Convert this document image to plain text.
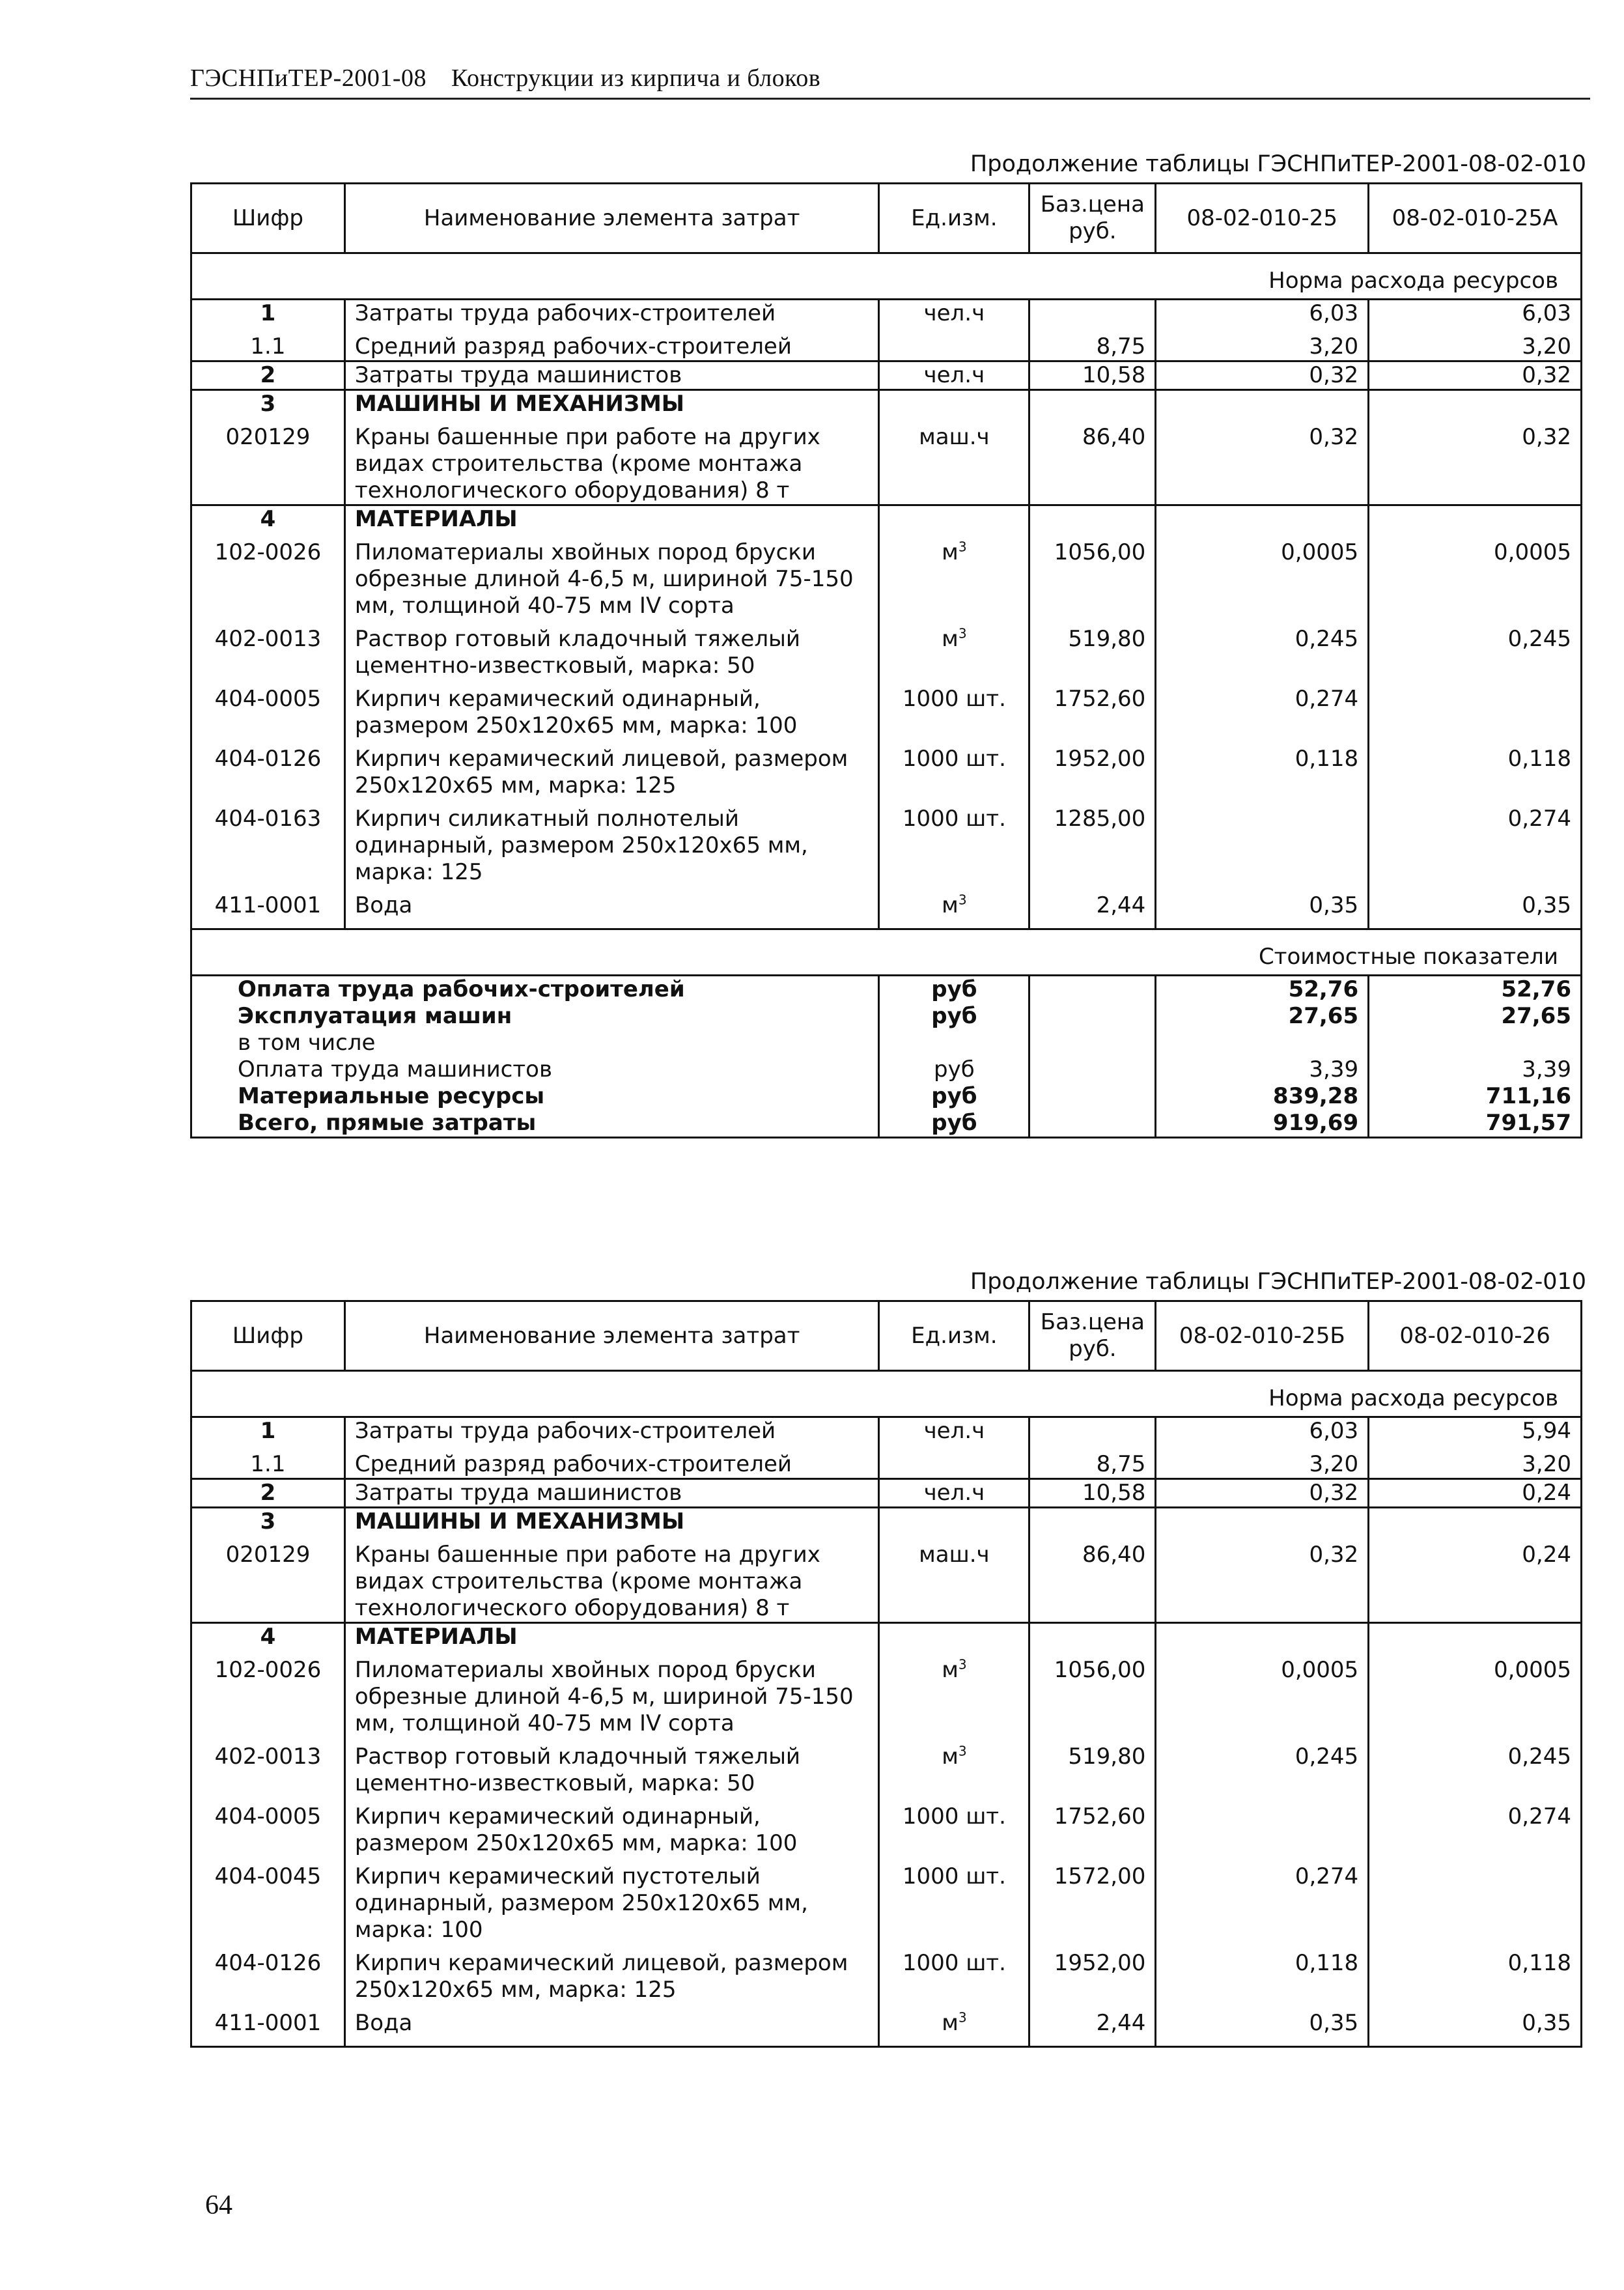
ГЭСНПиТЕР-2001-08 Конструкции из кирпича и блоков
Продолжение таблицы ГЭСНПиТЕР-2001-08-02-010
Шифр	Наименование элемента затрат	Ед.изм.	Баз.цена руб.	08-02-010-25	08-02-010-25А
Норма расхода ресурсов					
1	Затраты труда рабочих-строителей	чел.ч		6,03	6,03
1.1	Средний разряд рабочих-строителей		8,75	3,20	3,20
2	Затраты труда машинистов	чел.ч	10,58	0,32	0,32
3	МАШИНЫ И МЕХАНИЗМЫ				
020129	Краны башенные при работе на других видах строительства (кроме монтажа технологического оборудования) 8 т	маш.ч	86,40	0,32	0,32
4	МАТЕРИАЛЫ				
102-0026	Пиломатериалы хвойных пород бруски обрезные длиной 4-6,5 м, шириной 75-150 мм, толщиной 40-75 мм IV сорта	$м^3$	1056,00	0,0005	0,0005
402-0013	Раствор готовый кладочный тяжелый цементно-известковый, марка: 50	$м^3$	519,80	0,245	0,245
404-0005	Кирпич керамический одинарный, размером 250х120х65 мм, марка: 100	1000 шт.	1752,60	0,274	
404-0126	Кирпич керамический лицевой, размером 250х120х65 мм, марка: 125	1000 шт.	1952,00	0,118	0,118
404-0163	Кирпич силикатный полнотелый одинарный, размером 250х120х65 мм, марка: 125	1000 шт.	1285,00		0,274
411-0001	Вода	$м^3$	2,44	0,35	0,35

Стоимостные показатели					
Оплата труда рабочих-строителей		руб		52,76	52,76
Эксплуатация машин		руб		27,65	27,65
в том числе					
Оплата труда машинистов		руб		3,39	3,39
Материальные ресурсы		руб		839,28	711,16
Всего, прямые затраты		руб		919,69	791,57
Продолжение таблицы ГЭСНПиТЕР-2001-08-02-010
Шифр	Наименование элемента затрат	Ед.изм.	Баз.цена руб.	08-02-010-25Б	08-02-010-26
Норма расхода ресурсов					
1	Затраты труда рабочих-строителей	чел.ч		6,03	5,94
1.1	Средний разряд рабочих-строителей		8,75	3,20	3,20
2	Затраты труда машинистов	чел.ч	10,58	0,32	0,24
3	МАШИНЫ И МЕХАНИЗМЫ				
020129	Краны башенные при работе на других видах строительства (кроме монтажа технологического оборудования) 8 т	маш.ч	86,40	0,32	0,24
4	МАТЕРИАЛЫ				
102-0026	Пиломатериалы хвойных пород бруски обрезные длиной 4-6,5 м, шириной 75-150 мм, толщиной 40-75 мм IV сорта	$м^3$	1056,00	0,0005	0,0005
402-0013	Раствор готовый кладочный тяжелый цементно-известковый, марка: 50	$м^3$	519,80	0,245	0,245
404-0005	Кирпич керамический одинарный, размером 250х120х65 мм, марка: 100	1000 шт.	1752,60		0,274
404-0045	Кирпич керамический пустотелый одинарный, размером 250х120х65 мм, марка: 100	1000 шт.	1572,00	0,274	
404-0126	Кирпич керамический лицевой, размером 250х120х65 мм, марка: 125	1000 шт.	1952,00	0,118	0,118
411-0001	Вода	$м^3$	2,44	0,35	0,35

64
